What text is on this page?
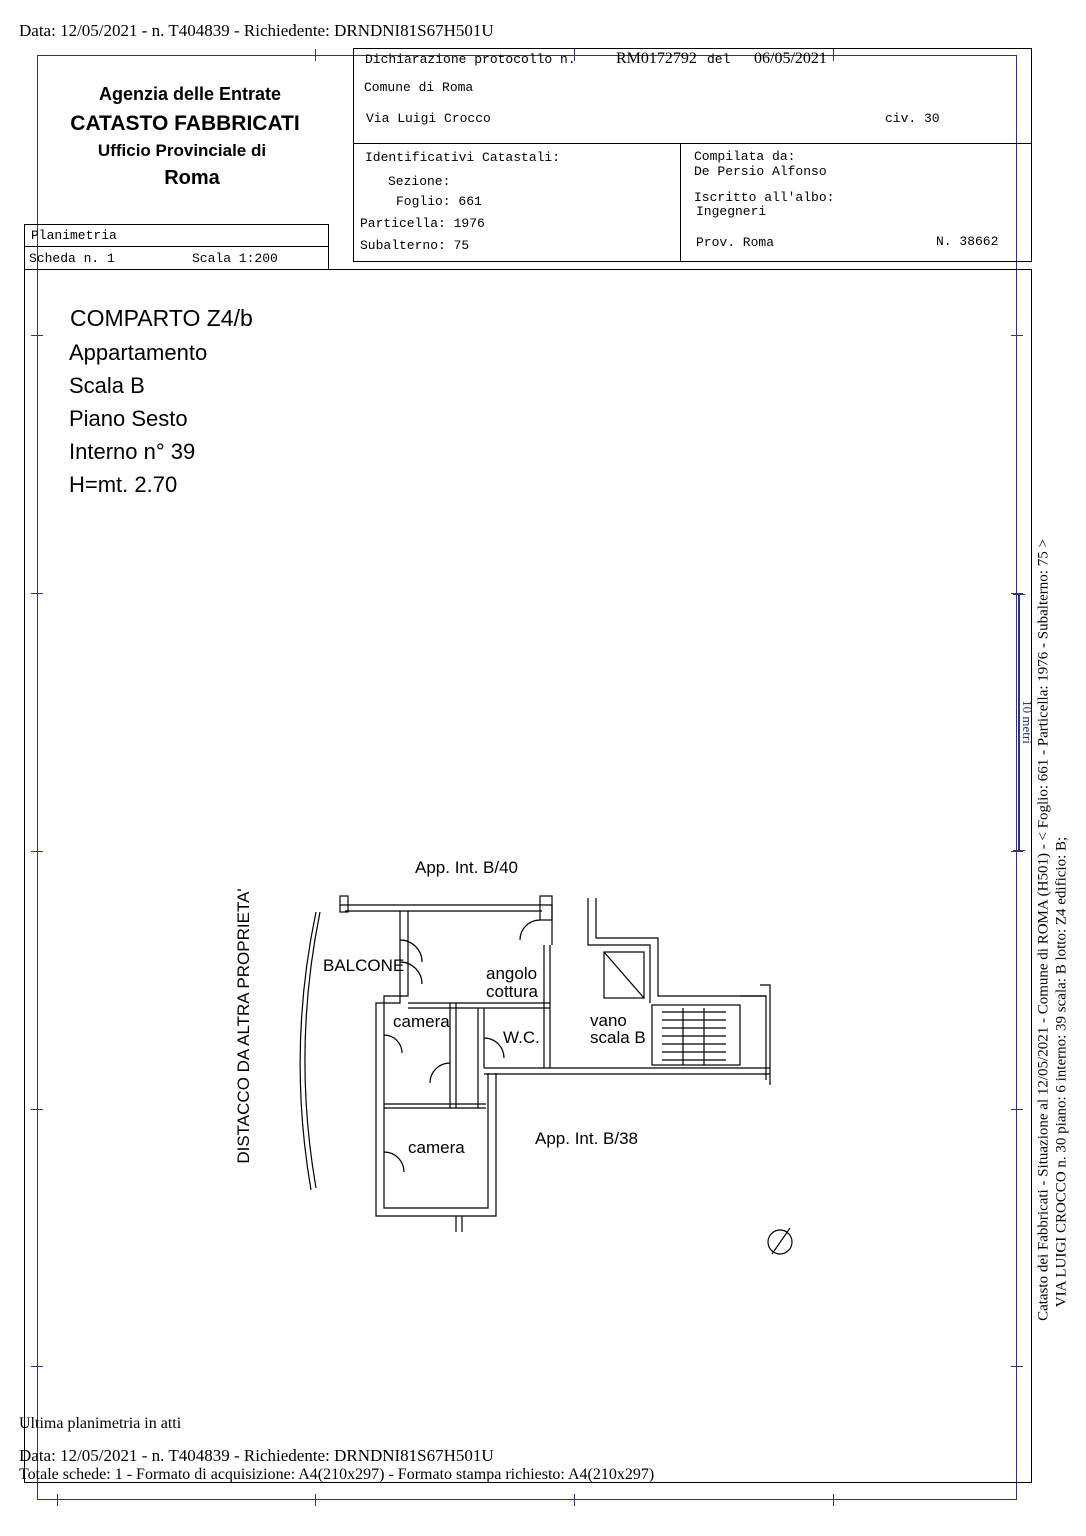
Data: 12/05/2021 - n. T404839 - Richiedente: DRNDNI81S67H501U
Agenzia delle Entrate
CATASTO FABBRICATI
Ufficio Provinciale di
Roma
Planimetria
Scheda n. 1	Scala 1:200
Dichiarazione protocollo n.	RM0172792 del 06/05/2021
Comune di Roma
Via Luigi Crocco	civ. 30
Identificativi Catastali:
Sezione:
Foglio: 661
Particella: 1976
Subalterno: 75
Compilata da:
De Persio Alfonso
Iscritto all'albo:
Ingegneri
Prov. Roma	N. 38662
COMPARTO Z4/b
Appartamento
Scala B
Piano Sesto
Interno n° 39
H=mt. 2.70
App. Int. B/40
BALCONE	angolo
cottura
camera
W.C.
vano
scala B
camera	App. Int. B/38
DISTACCO DA ALTRA PROPRIETA'
10 metri Catasto dei Fabbricati - Situazione al 12/05/2021 - Comune di ROMA (H501) - < Foglio: 661 - Particella: 1976 - Subalterno: 75 > VIA LUIGI CROCCO n. 30 piano: 6 interno: 39 scala: B lotto: Z4 edificio: B;
Ultima planimetria in atti
Data: 12/05/2021 - n. T404839 - Richiedente: DRNDNI81S67H501U
Totale schede: 1 - Formato di acquisizione: A4(210x297) - Formato stampa richiesto: A4(210x297)
